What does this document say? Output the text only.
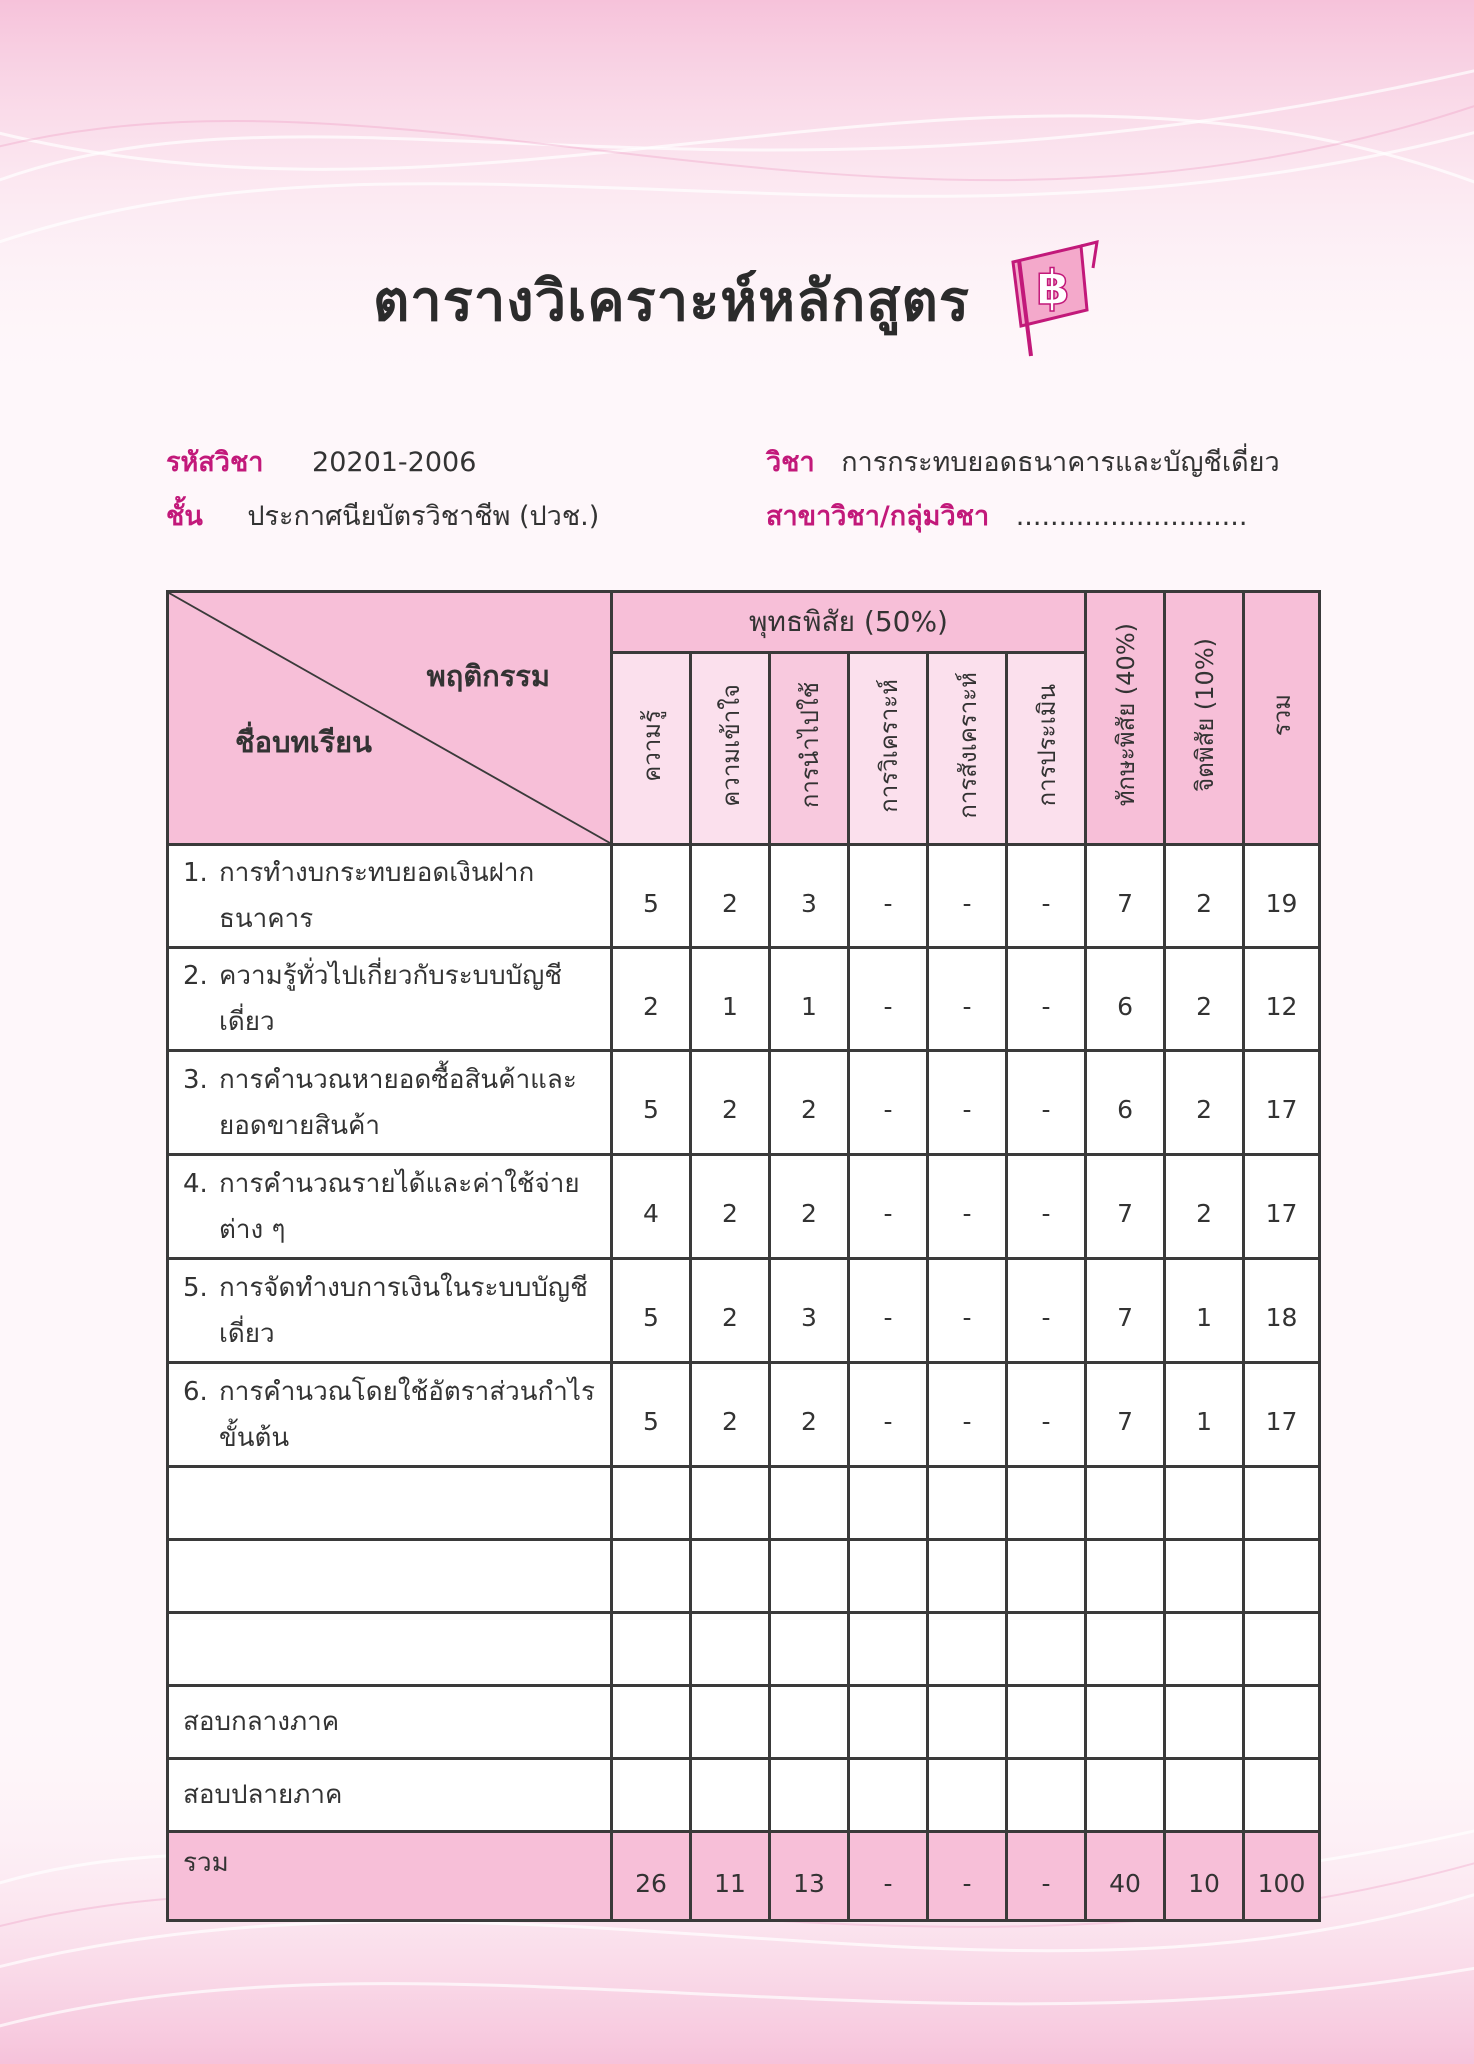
ตารางวิเคราะห์หลักสูตร ฿
รหัสวิชา 20201-2006	วิชา การกระทบยอดธนาคารและบัญชีเดี่ยว
ชั้น ประกาศนียบัตรวิชาชีพ (ปวช.)	สาขาวิชา/กลุ่มวิชา ...........................
พฤติกรรม
ชื่อบทเรียน	พุทธพิสัย (50%)						ทักษะพิสัย (40%)	จิตพิสัย (10%)	รวม
	ความรู้	ความเข้าใจ	การนำไปใช้	การวิเคราะห์	การสังเคราะห์	การประเมิน			

1. การทำงบกระทบยอดเงินฝากธนาคาร	5	2	3	-	-	-	7	2	19

2. ความรู้ทั่วไปเกี่ยวกับระบบบัญชีเดี่ยว	2	1	1	-	-	-	6	2	12

3. การคำนวณหายอดซื้อสินค้าและ
ยอดขายสินค้า	5	2	2	-	-	-	6	2	17

4. การคำนวณรายได้และค่าใช้จ่าย
ต่าง ๆ	4	2	2	-	-	-	7	2	17

5. การจัดทำงบการเงินในระบบบัญชี
เดี่ยว	5	2	3	-	-	-	7	1	18

6. การคำนวณโดยใช้อัตราส่วนกำไร
ขั้นต้น	5	2	2	-	-	-	7	1	17

สอบกลางภาค									
สอบปลายภาค									
รวม	26	11	13	-	-	-	40	10	100
